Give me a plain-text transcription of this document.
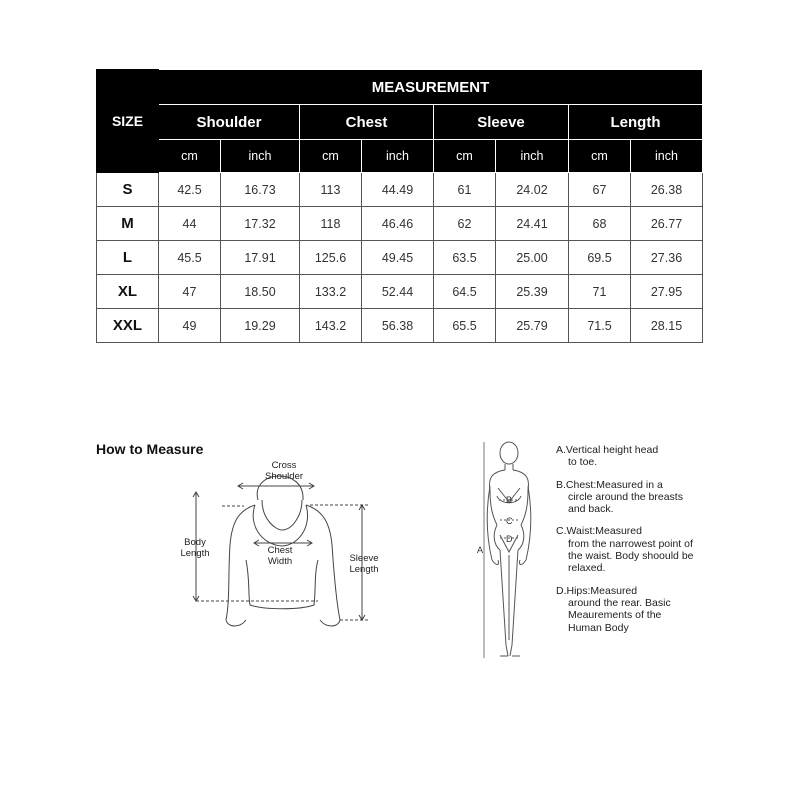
SIZE	MEASUREMENT							
	Shoulder		Chest		Sleeve		Length	
	cm	inch	cm	inch	cm	inch	cm	inch
S	42.5	16.73	113	44.49	61	24.02	67	26.38
M	44	17.32	118	46.46	62	24.41	68	26.77
L	45.5	17.91	125.6	49.45	63.5	25.00	69.5	27.36
XL	47	18.50	133.2	52.44	64.5	25.39	71	27.95
XXL	49	19.29	143.2	56.38	65.5	25.79	71.5	28.15
How to Measure
Cross Shoulder
Body Length	Chest Width	Sleeve Length
A
B
C
D
A.Vertical height head
to toe.
B.Chest:Measured in a
circle around the breasts and back.
C.Waist:Measured
from the narrowest point of the waist. Body shoould be relaxed.
D.Hips:Measured
around the rear. Basic Meaurements of the Human Body
